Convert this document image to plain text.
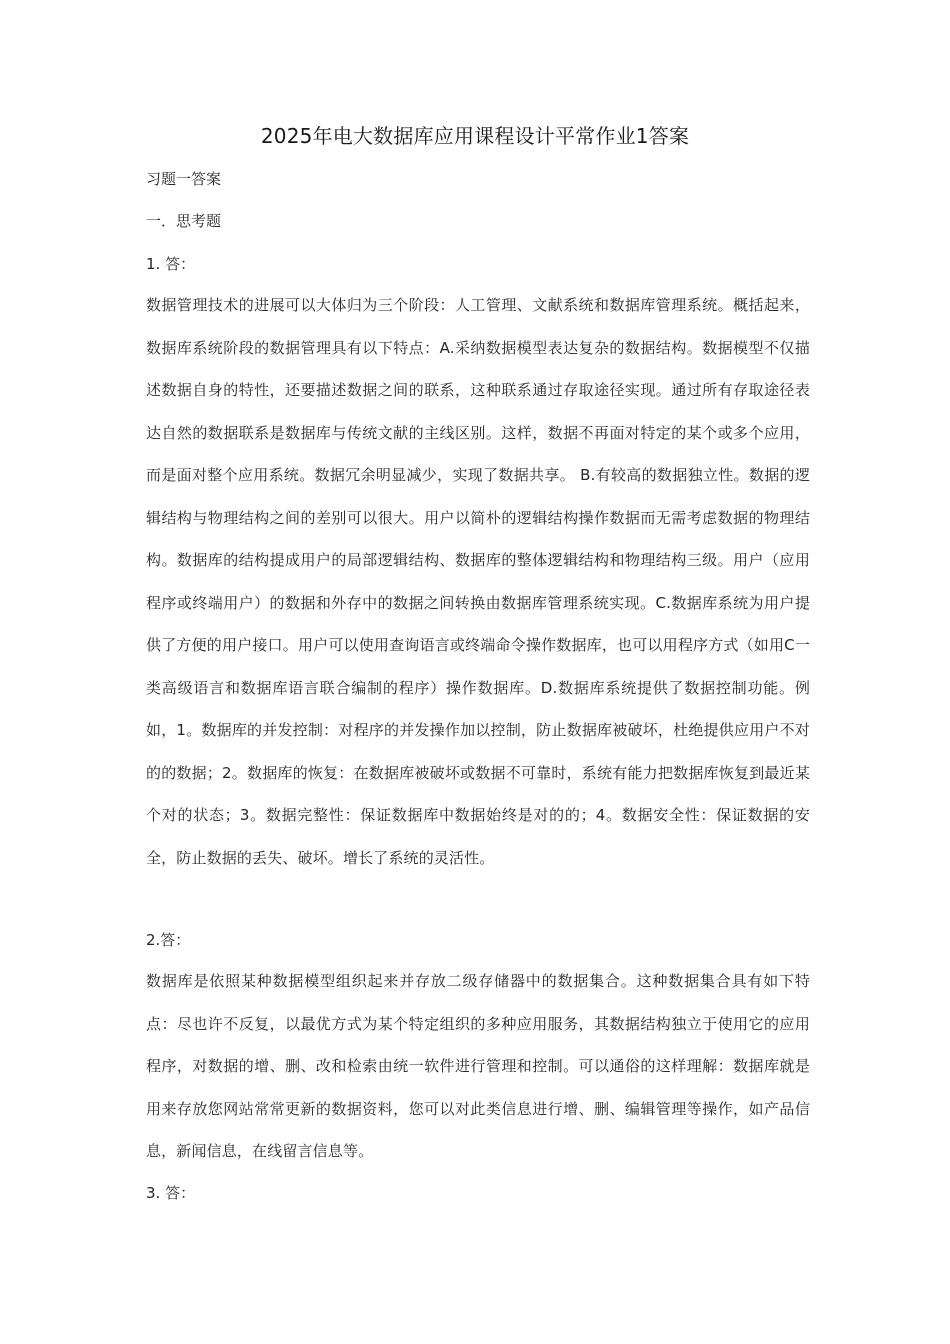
2025年电大数据库应用课程设计平常作业1答案
习题一答案
一．思考题
1. 答：
数据管理技术的进展可以大体归为三个阶段：人工管理、文献系统和数据库管理系统。概括起来，数据库系统阶段的数据管理具有以下特点：A.采纳数据模型表达复杂的数据结构。数据模型不仅描述数据自身的特性，还要描述数据之间的联系，这种联系通过存取途径实现。通过所有存取途径表达自然的数据联系是数据库与传统文献的主线区别。这样，数据不再面对特定的某个或多个应用，而是面对整个应用系统。数据冗余明显减少，实现了数据共享。 B.有较高的数据独立性。数据的逻辑结构与物理结构之间的差别可以很大。用户以简朴的逻辑结构操作数据而无需考虑数据的物理结构。数据库的结构提成用户的局部逻辑结构、数据库的整体逻辑结构和物理结构三级。用户（应用程序或终端用户）的数据和外存中的数据之间转换由数据库管理系统实现。C.数据库系统为用户提供了方便的用户接口。用户可以使用查询语言或终端命令操作数据库，也可以用程序方式（如用C一类高级语言和数据库语言联合编制的程序）操作数据库。D.数据库系统提供了数据控制功能。例如，1。数据库的并发控制：对程序的并发操作加以控制，防止数据库被破坏，杜绝提供应用户不对的的数据；2。数据库的恢复：在数据库被破坏或数据不可靠时，系统有能力把数据库恢复到最近某个对的状态；3。数据完整性：保证数据库中数据始终是对的的；4。数据安全性：保证数据的安全，防止数据的丢失、破坏。增长了系统的灵活性。
2.答：
数据库是依照某种数据模型组织起来并存放二级存储器中的数据集合。这种数据集合具有如下特点：尽也许不反复，以最优方式为某个特定组织的多种应用服务，其数据结构独立于使用它的应用程序，对数据的增、删、改和检索由统一软件进行管理和控制。可以通俗的这样理解：数据库就是用来存放您网站常常更新的数据资料，您可以对此类信息进行增、删、编辑管理等操作，如产品信息，新闻信息，在线留言信息等。
3. 答：
